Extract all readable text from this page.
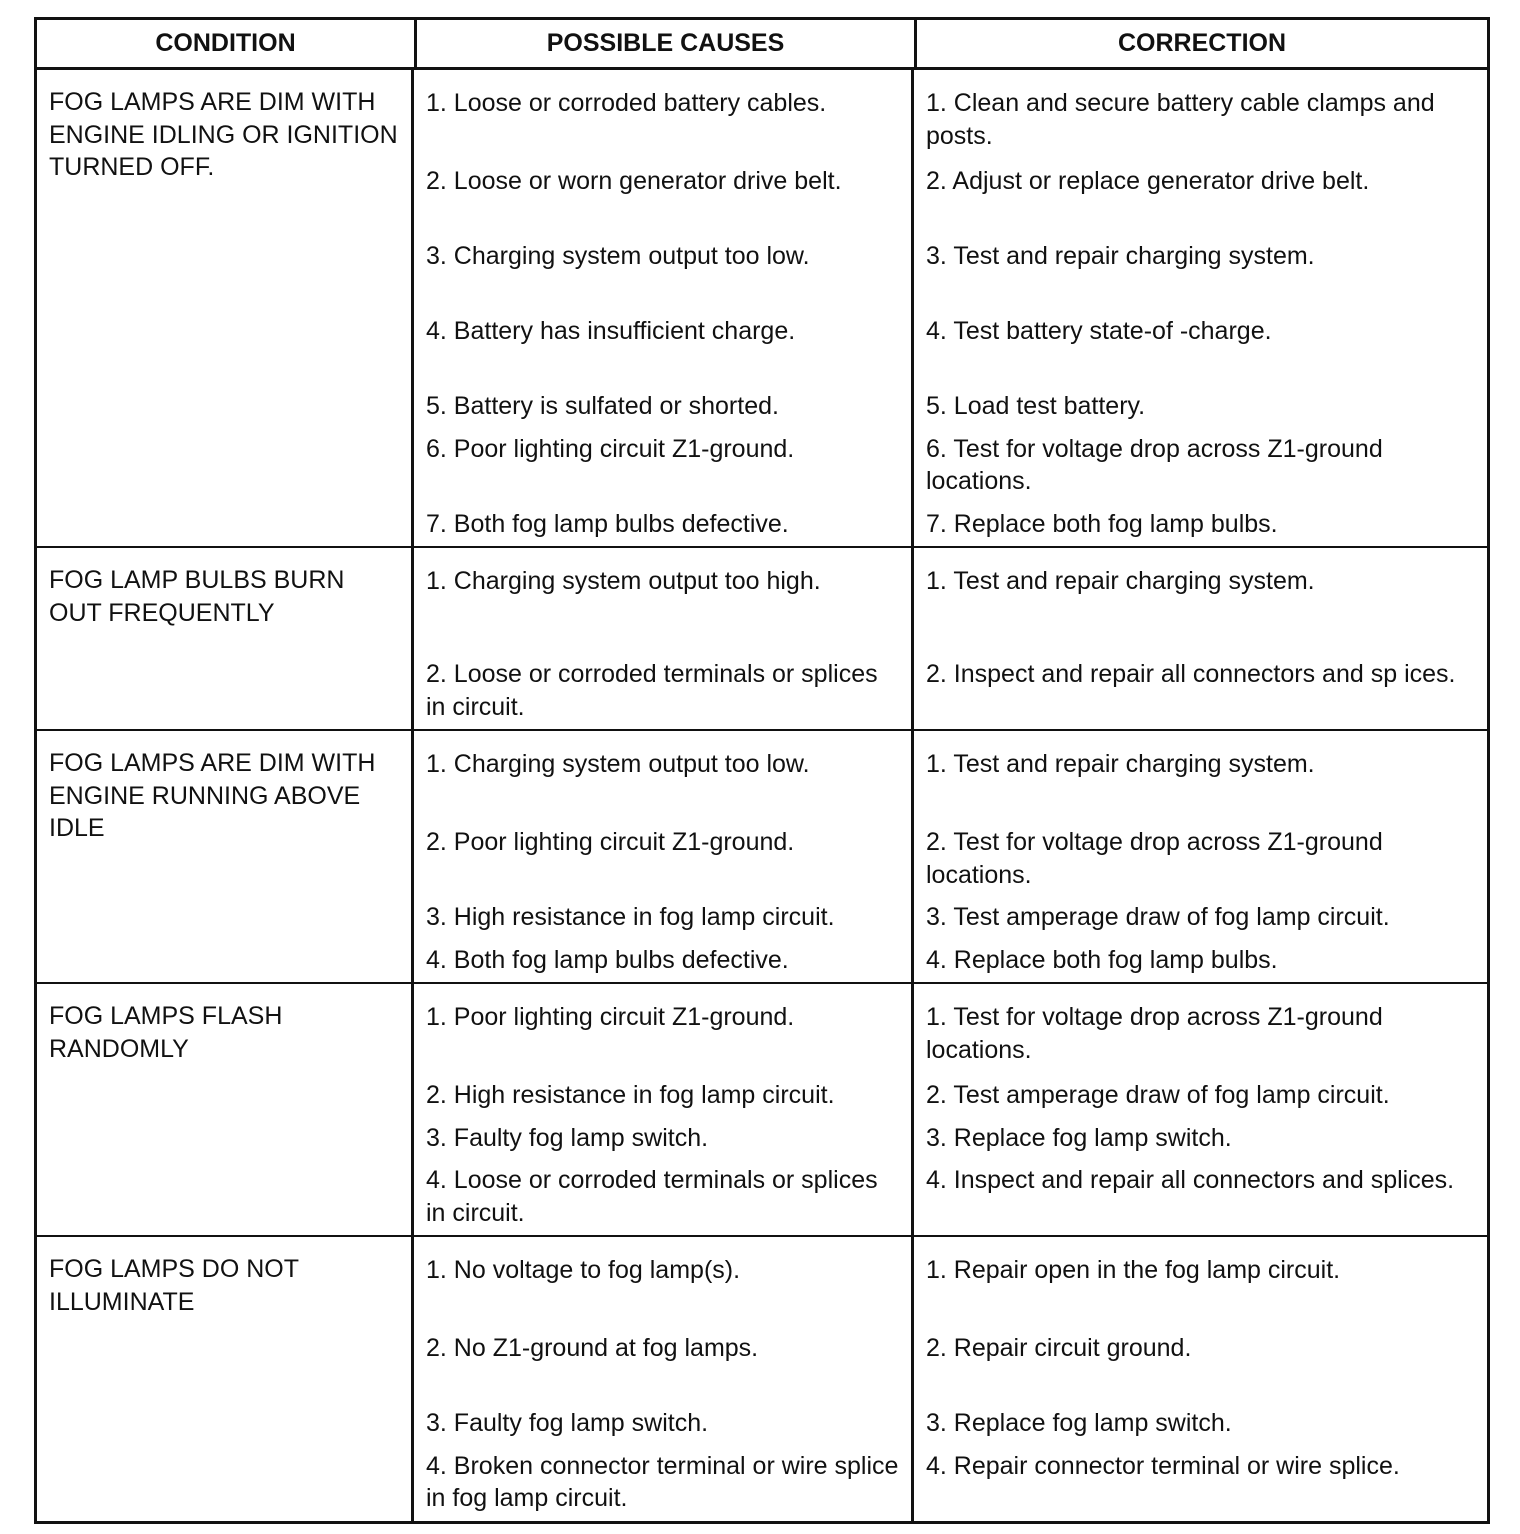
CONDITION	POSSIBLE CAUSES	CORRECTION
FOG LAMPS ARE DIM WITH ENGINE IDLING OR IGNITION TURNED OFF.
1. Loose or corroded battery cables.
2. Loose or worn generator drive belt.
3. Charging system output too low.
4. Battery has insufficient charge.
5. Battery is sulfated or shorted.
6. Poor lighting circuit Z1-ground.
7. Both fog lamp bulbs defective.
1. Clean and secure battery cable clamps and posts.
2. Adjust or replace generator drive belt.
3. Test and repair charging system.
4. Test battery state-of -charge.
5. Load test battery.
6. Test for voltage drop across Z1-ground locations.
7. Replace both fog lamp bulbs.
FOG LAMP BULBS BURN OUT FREQUENTLY
1. Charging system output too high.
2. Loose or corroded terminals or splices in circuit.
1. Test and repair charging system.
2. Inspect and repair all connectors and sp ices.
FOG LAMPS ARE DIM WITH ENGINE RUNNING ABOVE IDLE
1. Charging system output too low.
2. Poor lighting circuit Z1-ground.
3. High resistance in fog lamp circuit.
4. Both fog lamp bulbs defective.
1. Test and repair charging system.
2. Test for voltage drop across Z1-ground locations.
3. Test amperage draw of fog lamp circuit.
4. Replace both fog lamp bulbs.
FOG LAMPS FLASH RANDOMLY
1. Poor lighting circuit Z1-ground.
2. High resistance in fog lamp circuit.
3. Faulty fog lamp switch.
4. Loose or corroded terminals or splices in circuit.
1. Test for voltage drop across Z1-ground locations.
2. Test amperage draw of fog lamp circuit.
3. Replace fog lamp switch.
4. Inspect and repair all connectors and splices.
FOG LAMPS DO NOT ILLUMINATE
1. No voltage to fog lamp(s).
2. No Z1-ground at fog lamps.
3. Faulty fog lamp switch.
4. Broken connector terminal or wire splice in fog lamp circuit.
1. Repair open in the fog lamp circuit.
2. Repair circuit ground.
3. Replace fog lamp switch.
4. Repair connector terminal or wire splice.
